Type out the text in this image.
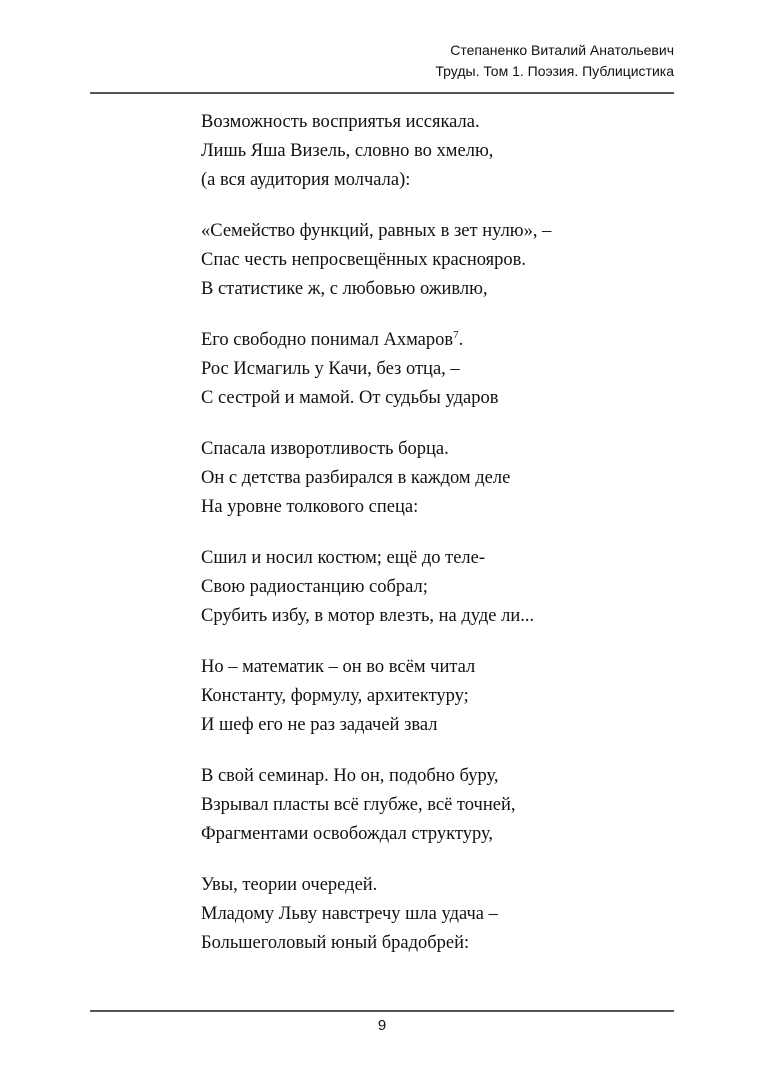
Степаненко Виталий Анатольевич
Труды. Том 1. Поэзия. Публицистика
Возможность восприятья иссякала.
Лишь Яша Визель, словно во хмелю,
(а вся аудитория молчала):
«Семейство функций, равных в зет нулю», –
Спас честь непросвещённых краснояров.
В статистике ж, с любовью оживлю,
Его свободно понимал Ахмаров$^7$.
Рос Исмагиль у Качи, без отца, –
С сестрой и мамой. От судьбы ударов
Спасала изворотливость борца.
Он с детства разбирался в каждом деле
На уровне толкового спеца:
Сшил и носил костюм; ещё до теле-
Свою радиостанцию собрал;
Срубить избу, в мотор влезть, на дуде ли...
Но – математик – он во всём читал
Константу, формулу, архитектуру;
И шеф его не раз задачей звал
В свой семинар. Но он, подобно буру,
Взрывал пласты всё глубже, всё точней,
Фрагментами освобождал структуру,
Увы, теории очередей.
Младому Льву навстречу шла удача –
Большеголовый юный брадобрей:
9
